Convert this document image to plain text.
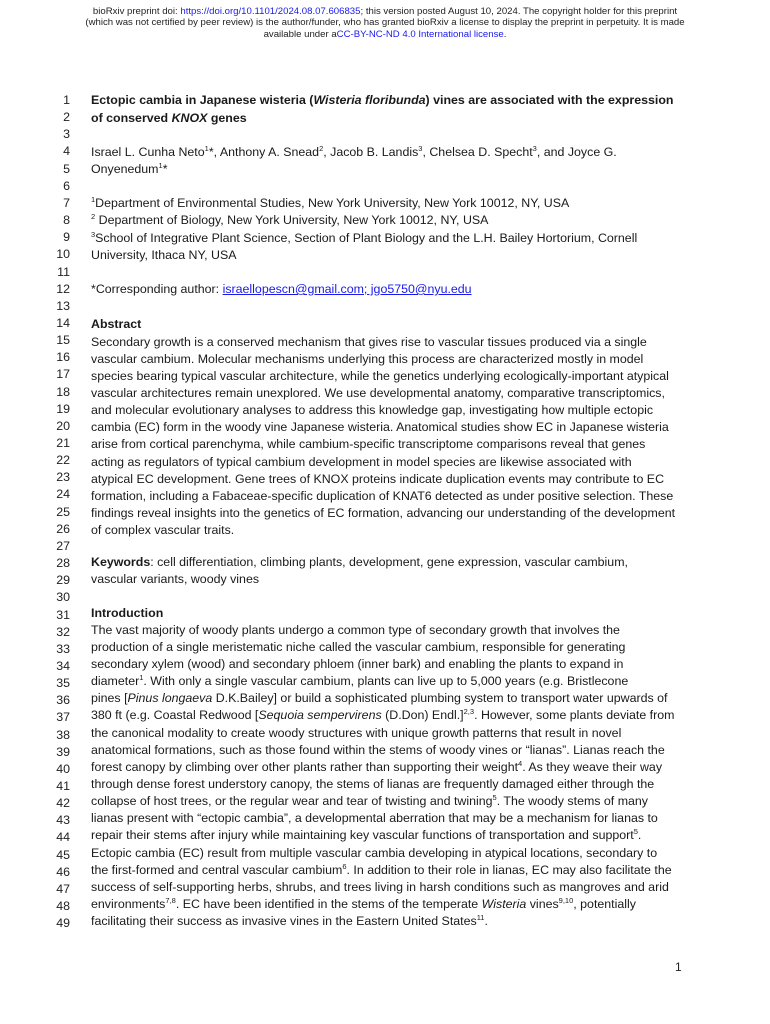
bioRxiv preprint doi: https://doi.org/10.1101/2024.08.07.606835; this version posted August 10, 2024. The copyright holder for this preprint
(which was not certified by peer review) is the author/funder, who has granted bioRxiv a license to display the preprint in perpetuity. It is made
available under aCC-BY-NC-ND 4.0 International license.
1
2
3
4
5
6
7
8
9
10
11
12
13
14
15
16
17
18
19
20
21
22
23
24
25
26
27
28
29
30
31
32
33
34
35
36
37
38
39
40
41
42
43
44
45
46
47
48
49
Ectopic cambia in Japanese wisteria (Wisteria floribunda) vines are associated with the expression
of conserved KNOX genes
Israel L. Cunha Neto$^1$*, Anthony A. Snead$^2$, Jacob B. Landis$^3$, Chelsea D. Specht$^3$, and Joyce G.
Onyenedum$^1$*
$^1$Department of Environmental Studies, New York University, New York 10012, NY, USA
$^2$ Department of Biology, New York University, New York 10012, NY, USA
$^3$School of Integrative Plant Science, Section of Plant Biology and the L.H. Bailey Hortorium, Cornell
University, Ithaca NY, USA
*Corresponding author: israellopescn@gmail.com; jgo5750@nyu.edu
Abstract
Secondary growth is a conserved mechanism that gives rise to vascular tissues produced via a single
vascular cambium. Molecular mechanisms underlying this process are characterized mostly in model
species bearing typical vascular architecture, while the genetics underlying ecologically-important atypical
vascular architectures remain unexplored. We use developmental anatomy, comparative transcriptomics,
and molecular evolutionary analyses to address this knowledge gap, investigating how multiple ectopic
cambia (EC) form in the woody vine Japanese wisteria. Anatomical studies show EC in Japanese wisteria
arise from cortical parenchyma, while cambium-specific transcriptome comparisons reveal that genes
acting as regulators of typical cambium development in model species are likewise associated with
atypical EC development. Gene trees of KNOX proteins indicate duplication events may contribute to EC
formation, including a Fabaceae-specific duplication of KNAT6 detected as under positive selection. These
findings reveal insights into the genetics of EC formation, advancing our understanding of the development
of complex vascular traits.
Keywords: cell differentiation, climbing plants, development, gene expression, vascular cambium,
vascular variants, woody vines
Introduction
The vast majority of woody plants undergo a common type of secondary growth that involves the
production of a single meristematic niche called the vascular cambium, responsible for generating
secondary xylem (wood) and secondary phloem (inner bark) and enabling the plants to expand in
diameter$^1$. With only a single vascular cambium, plants can live up to 5,000 years (e.g. Bristlecone
pines [Pinus longaeva D.K.Bailey] or build a sophisticated plumbing system to transport water upwards of
380 ft (e.g. Coastal Redwood [Sequoia sempervirens (D.Don) Endl.]$^{2,3}$. However, some plants deviate from
the canonical modality to create woody structures with unique growth patterns that result in novel
anatomical formations, such as those found within the stems of woody vines or “lianas”. Lianas reach the
forest canopy by climbing over other plants rather than supporting their weight$^4$. As they weave their way
through dense forest understory canopy, the stems of lianas are frequently damaged either through the
collapse of host trees, or the regular wear and tear of twisting and twining$^5$. The woody stems of many
lianas present with “ectopic cambia”, a developmental aberration that may be a mechanism for lianas to
repair their stems after injury while maintaining key vascular functions of transportation and support$^5$.
Ectopic cambia (EC) result from multiple vascular cambia developing in atypical locations, secondary to
the first-formed and central vascular cambium$^6$. In addition to their role in lianas, EC may also facilitate the
success of self-supporting herbs, shrubs, and trees living in harsh conditions such as mangroves and arid
environments$^{7,8}$. EC have been identified in the stems of the temperate Wisteria vines$^{9,10}$, potentially
facilitating their success as invasive vines in the Eastern United States$^{11}$.
1
